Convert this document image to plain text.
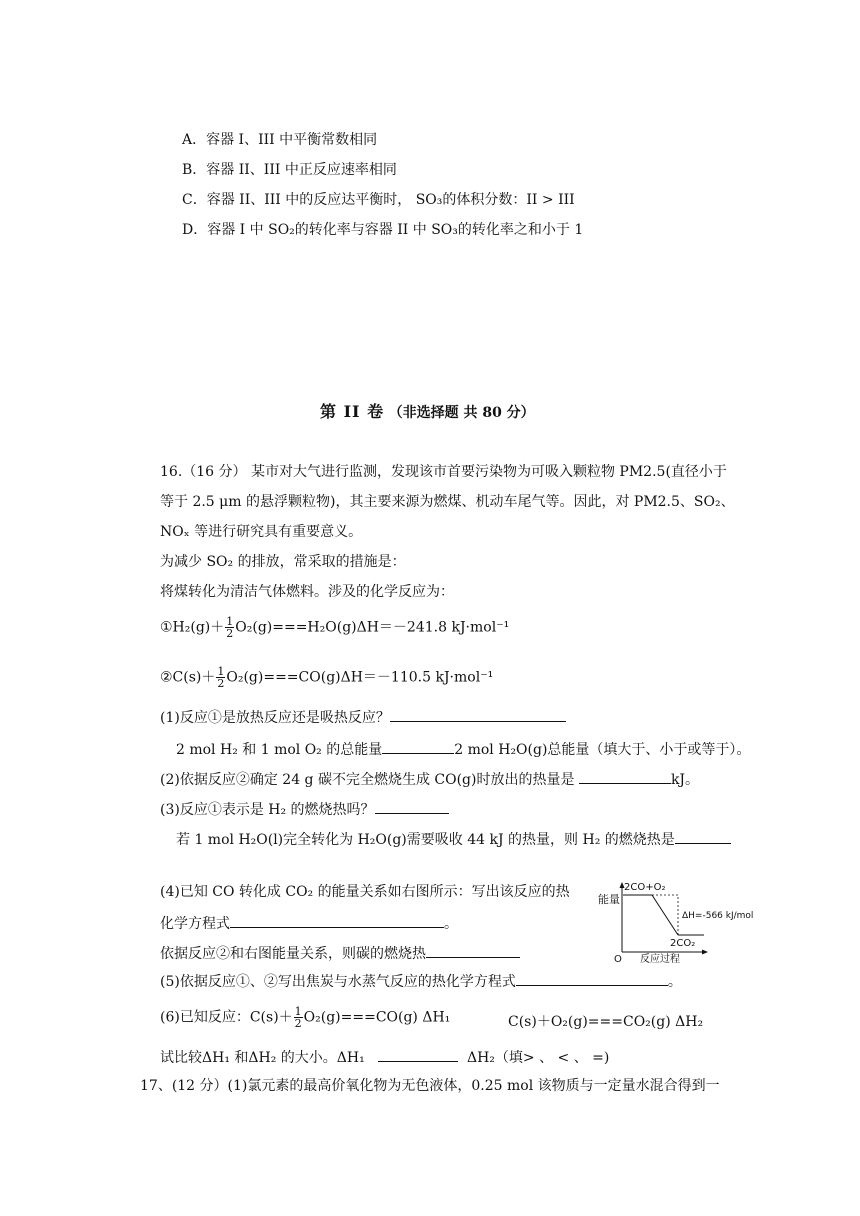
A．容器 I、III 中平衡常数相同
B．容器 II、III 中正反应速率相同
C．容器 II、III 中的反应达平衡时， SO₃的体积分数：II > III
D．容器 I 中 SO₂的转化率与容器 II 中 SO₃的转化率之和小于 1
第 II 卷 （非选择题 共 80 分）
16.（16 分） 某市对大气进行监测，发现该市首要污染物为可吸入颗粒物 PM2.5(直径小于
等于 2.5 μm 的悬浮颗粒物)，其主要来源为燃煤、机动车尾气等。因此，对 PM2.5、SO₂、
NOₓ 等进行研究具有重要意义。
为减少 SO₂ 的排放，常采取的措施是：
将煤转化为清洁气体燃料。涉及的化学反应为：
①H₂(g)＋ $\frac{1}{2} O_2(g)===H_2O(g)\Delta H=-241.8$ kJ·mol⁻¹
②C(s)＋ $\frac{1}{2} O_2(g)===CO(g)\Delta H=-110.5$ kJ·mol⁻¹
(1)反应①是放热反应还是吸热反应？
2 mol H₂ 和 1 mol O₂ 的总能量	2 mol H₂O(g)总能量（填大于、小于或等于）。
(2)依据反应②确定 24 g 碳不完全燃烧生成 CO(g)时放出的热量是	kJ。
(3)反应①表示是 H₂ 的燃烧热吗？
若 1 mol H₂O(l)完全转化为 H₂O(g)需要吸收 44 kJ 的热量，则 H₂ 的燃烧热是
(4)已知 CO 转化成 CO₂ 的能量关系如右图所示：写出该反应的热
化学方程式	。
依据反应②和右图能量关系，则碳的燃烧热
能量
O 反应过程
2CO+O₂
2CO₂
ΔH=-566 kJ/mol
(5)依据反应①、②写出焦炭与水蒸气反应的热化学方程式	。
(6)已知反应：$C(s)+ \frac{1}{2} O_2(g)===CO(g)$ ΔH₁	C(s)＋O₂(g)===CO₂(g) ΔH₂
试比较ΔH₁ 和ΔH₂ 的大小。ΔH₁	ΔH₂（填> 、 < 、 =)
17、(12 分）(1)氯元素的最高价氧化物为无色液体，0.25 mol 该物质与一定量水混合得到一
